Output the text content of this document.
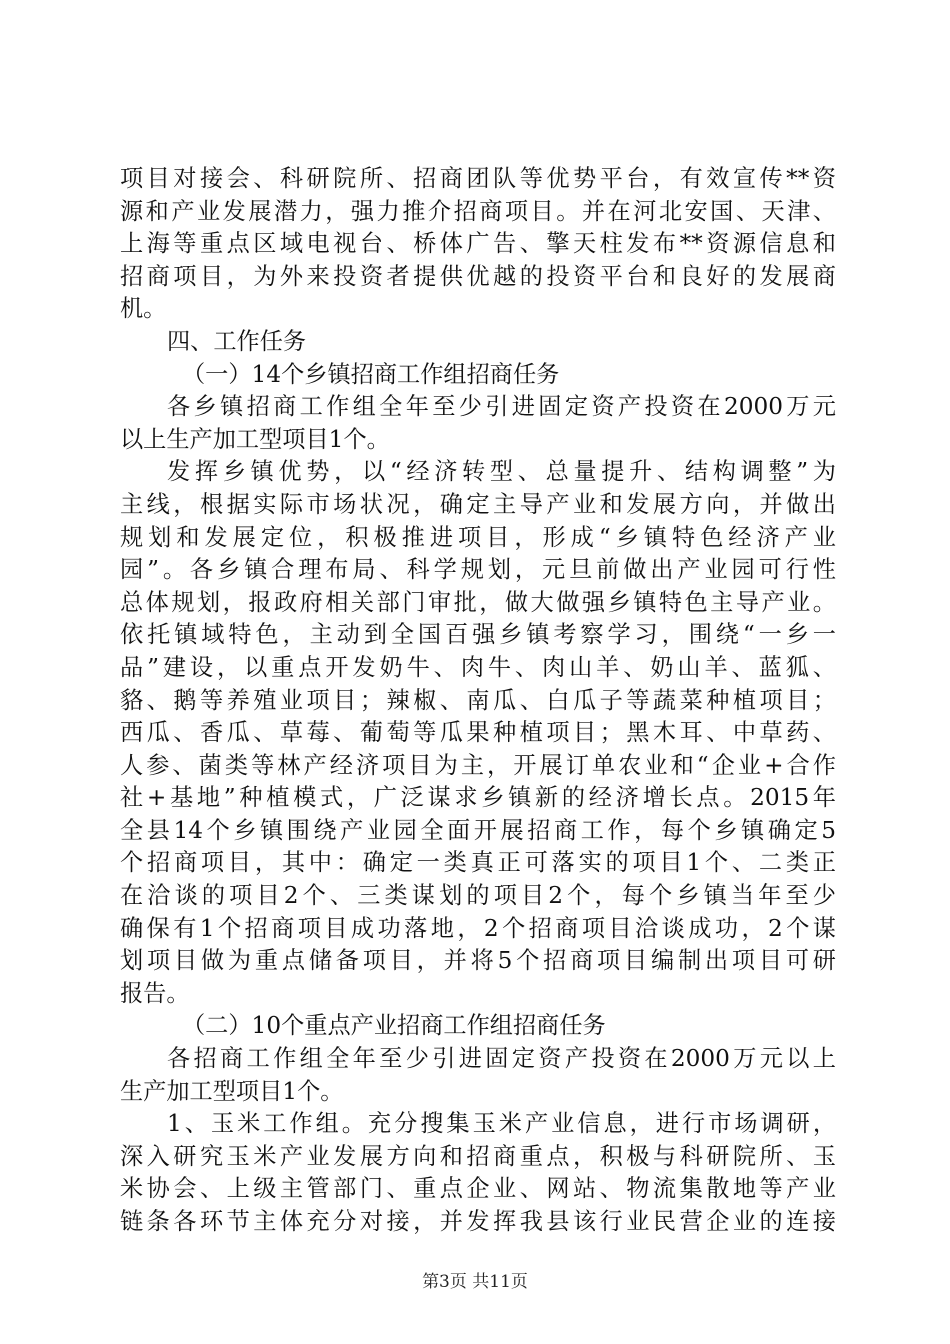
项目对接会、科研院所、招商团队等优势平台，有效宣传**资
源和产业发展潜力，强力推介招商项目。并在河北安国、天津、
上海等重点区域电视台、桥体广告、擎天柱发布**资源信息和
招商项目，为外来投资者提供优越的投资平台和良好的发展商
机。
四、工作任务
（一）14个乡镇招商工作组招商任务
各乡镇招商工作组全年至少引进固定资产投资在2000万元
以上生产加工型项目1个。
发挥乡镇优势，以“经济转型、总量提升、结构调整”为
主线，根据实际市场状况，确定主导产业和发展方向，并做出
规划和发展定位，积极推进项目，形成“乡镇特色经济产业
园”。各乡镇合理布局、科学规划，元旦前做出产业园可行性
总体规划，报政府相关部门审批，做大做强乡镇特色主导产业。
依托镇域特色，主动到全国百强乡镇考察学习，围绕“一乡一
品”建设，以重点开发奶牛、肉牛、肉山羊、奶山羊、蓝狐、
貉、鹅等养殖业项目；辣椒、南瓜、白瓜子等蔬菜种植项目；
西瓜、香瓜、草莓、葡萄等瓜果种植项目；黑木耳、中草药、
人参、菌类等林产经济项目为主，开展订单农业和“企业+合作
社+基地”种植模式，广泛谋求乡镇新的经济增长点。2015年
全县14个乡镇围绕产业园全面开展招商工作，每个乡镇确定5
个招商项目，其中：确定一类真正可落实的项目1个、二类正
在洽谈的项目2个、三类谋划的项目2个，每个乡镇当年至少
确保有1个招商项目成功落地，2个招商项目洽谈成功，2个谋
划项目做为重点储备项目，并将5个招商项目编制出项目可研
报告。
（二）10个重点产业招商工作组招商任务
各招商工作组全年至少引进固定资产投资在2000万元以上
生产加工型项目1个。
1、玉米工作组。充分搜集玉米产业信息，进行市场调研，
深入研究玉米产业发展方向和招商重点，积极与科研院所、玉
米协会、上级主管部门、重点企业、网站、物流集散地等产业
链条各环节主体充分对接，并发挥我县该行业民营企业的连接
第3页 共11页
